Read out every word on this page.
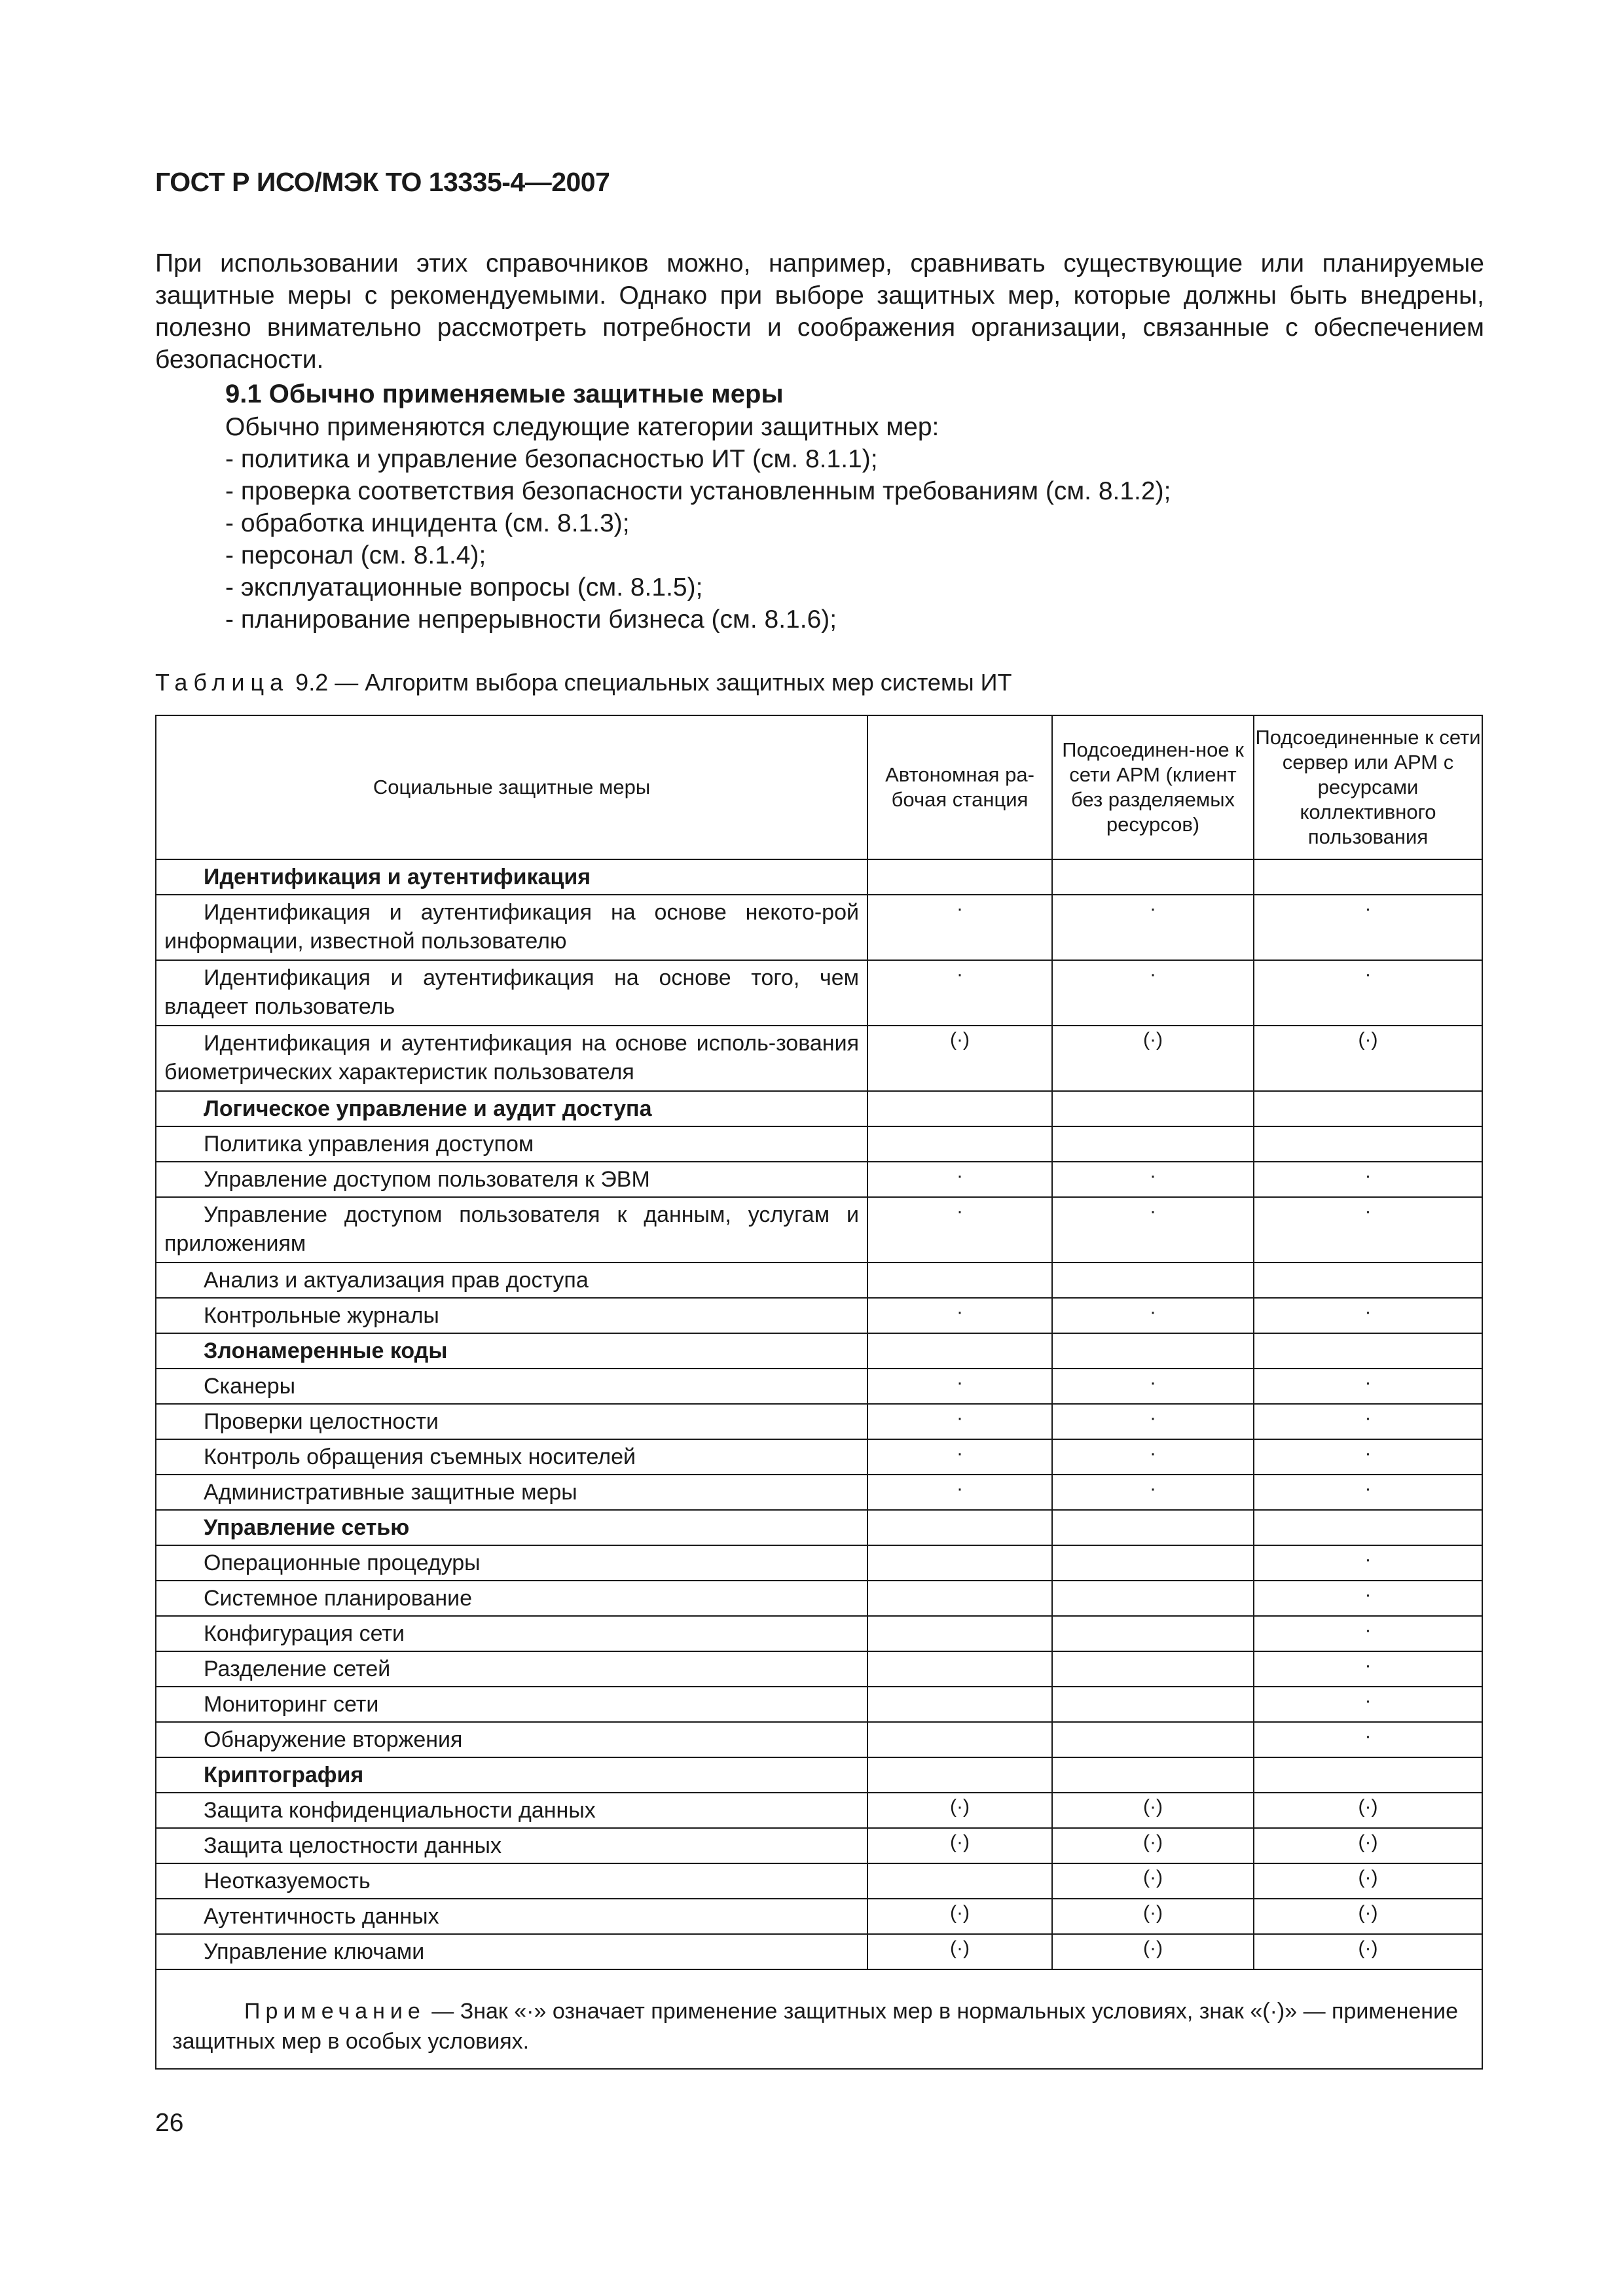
ГОСТ Р ИСО/МЭК ТО 13335-4—2007
При использовании этих справочников можно, например, сравнивать существующие или планируемые защитные меры с рекомендуемыми. Однако при выборе защитных мер, которые должны быть внедрены, полезно внимательно рассмотреть потребности и соображения организации, связанные с обеспечением безопасности.
9.1 Обычно применяемые защитные меры
Обычно применяются следующие категории защитных мер:
- политика и управление безопасностью ИТ (см. 8.1.1);
- проверка соответствия безопасности установленным требованиям (см. 8.1.2);
- обработка инцидента (см. 8.1.3);
- персонал (см. 8.1.4);
- эксплуатационные вопросы (см. 8.1.5);
- планирование непрерывности бизнеса (см. 8.1.6);
Таблица 9.2 — Алгоритм выбора специальных защитных мер системы ИТ
Социальные защитные меры	Автономная ра-бочая станция	Подсоединен-ное к сети АРМ (клиент без разделяемых ресурсов)	Подсоединенные к сети сервер или АРМ с ресурсами коллективного пользования
Идентификация и аутентификация			
Идентификация и аутентификация на основе некото-рой информации, известной пользователю	·	·	·
Идентификация и аутентификация на основе того, чем владеет пользователь	·	·	·
Идентификация и аутентификация на основе исполь-зования биометрических характеристик пользователя	(·)	(·)	(·)
Логическое управление и аудит доступа			
Политика управления доступом			
Управление доступом пользователя к ЭВМ	·	·	·
Управление доступом пользователя к данным, услугам и приложениям	·	·	·
Анализ и актуализация прав доступа			
Контрольные журналы	·	·	·
Злонамеренные коды			
Сканеры	·	·	·
Проверки целостности	·	·	·
Контроль обращения съемных носителей	·	·	·
Административные защитные меры	·	·	·
Управление сетью			
Операционные процедуры			·
Системное планирование			·
Конфигурация сети			·
Разделение сетей			·
Мониторинг сети			·
Обнаружение вторжения			·
Криптография			
Защита конфиденциальности данных	(·)	(·)	(·)
Защита целостности данных	(·)	(·)	(·)
Неотказуемость		(·)	(·)
Аутентичность данных	(·)	(·)	(·)
Управление ключами	(·)	(·)	(·)
Примечание — Знак «·» означает применение защитных мер в нормальных условиях, знак «(·)» — применение защитных мер в особых условиях.			
26
